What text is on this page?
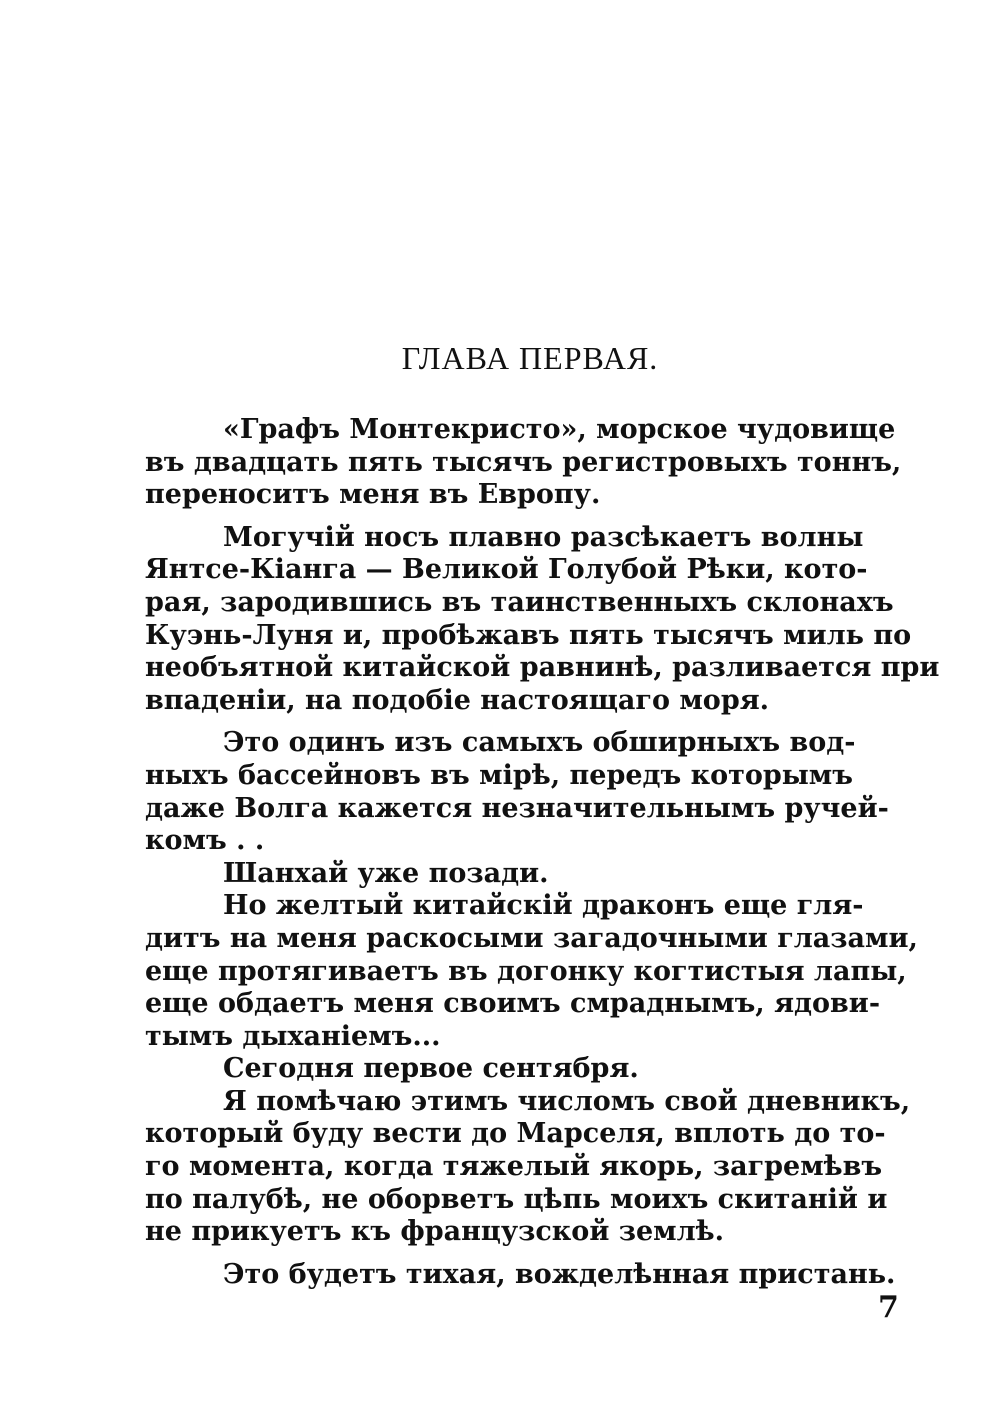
ГЛАВА ПЕРВАЯ.
«Графъ Монтекристо», морское чудовище
въ двадцать пять тысячъ регистровыхъ тоннъ,
переноситъ меня въ Европу.
Могучій носъ плавно разсѣкаетъ волны
Янтсе-Кіанга — Великой Голубой Рѣки, кото-
рая, зародившись въ таинственныхъ склонахъ
Куэнь-Луня и, пробѣжавъ пять тысячъ миль по
необъятной китайской равнинѣ, разливается при
впаденіи, на подобіе настоящаго моря.
Это одинъ изъ самыхъ обширныхъ вод-
ныхъ бассейновъ въ мірѣ, передъ которымъ
даже Волга кажется незначительнымъ ручей-
комъ . .
Шанхай уже позади.
Но желтый китайскій драконъ еще гля-
дитъ на меня раскосыми загадочными глазами,
еще протягиваетъ въ догонку когтистыя лапы,
еще обдаетъ меня своимъ смраднымъ, ядови-
тымъ дыханіемъ...
Сегодня первое сентября.
Я помѣчаю этимъ числомъ свой дневникъ,
который буду вести до Марселя, вплоть до то-
го момента, когда тяжелый якорь, загремѣвъ
по палубѣ, не оборветъ цѣпь моихъ скитаній и
не прикуетъ къ французской землѣ.
Это будетъ тихая, вожделѣнная пристань.
7
